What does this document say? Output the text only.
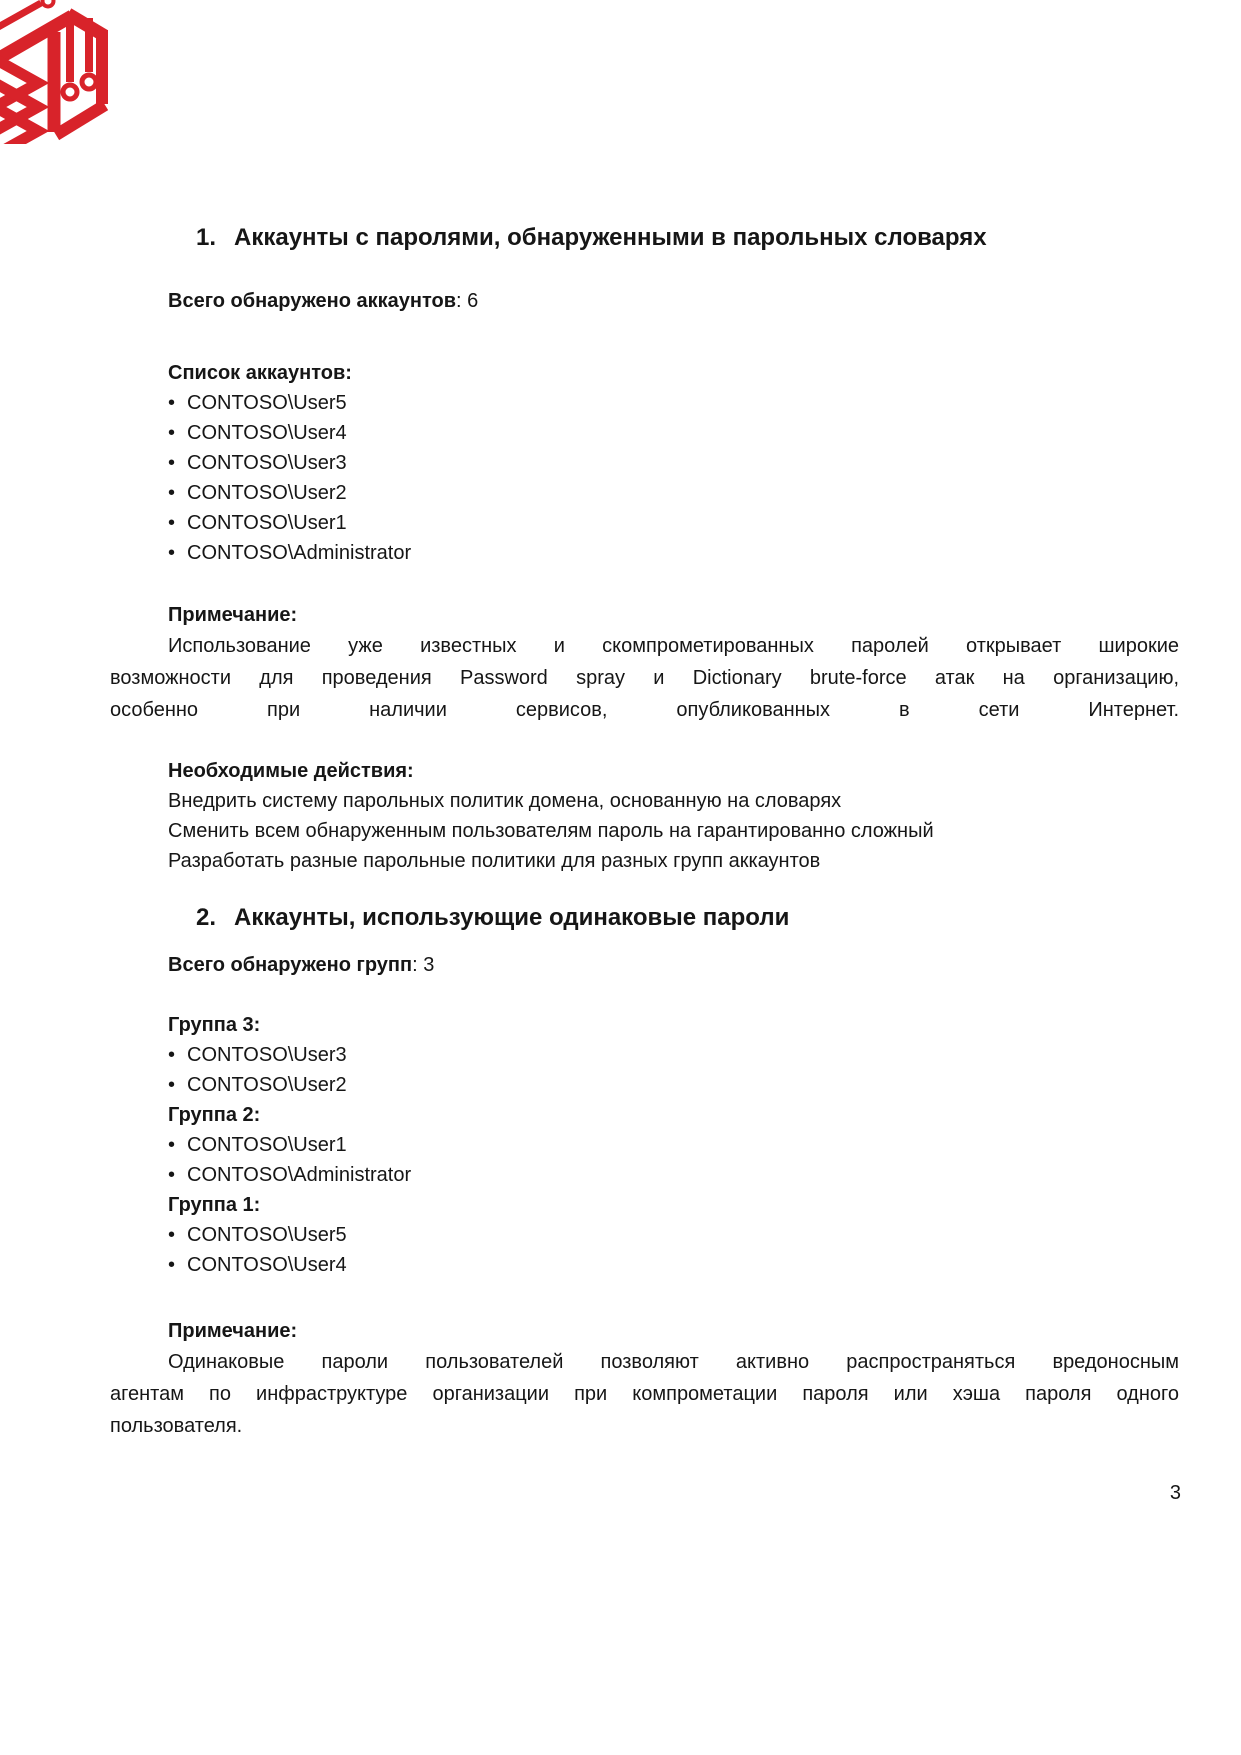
1. Аккаунты с паролями, обнаруженными в парольных словарях
Всего обнаружено аккаунтов: 6
Список аккаунтов:
•CONTOSO\User5
•CONTOSO\User4
•CONTOSO\User3
•CONTOSO\User2
•CONTOSO\User1
•CONTOSO\Administrator
Примечание:
Использование уже известных и скомпрометированных паролей открывает широкие
возможности для проведения Password spray и Dictionary brute-force атак на организацию,
особенно при наличии сервисов, опубликованных в сети Интернет.
Необходимые действия:
Внедрить систему парольных политик домена, основанную на словарях
Сменить всем обнаруженным пользователям пароль на гарантированно сложный
Разработать разные парольные политики для разных групп аккаунтов
2. Аккаунты, использующие одинаковые пароли
Всего обнаружено групп: 3
Группа 3:
•CONTOSO\User3
•CONTOSO\User2
Группа 2:
•CONTOSO\User1
•CONTOSO\Administrator
Группа 1:
•CONTOSO\User5
•CONTOSO\User4
Примечание:
Одинаковые пароли пользователей позволяют активно распространяться вредоносным
агентам по инфраструктуре организации при компрометации пароля или хэша пароля одного
пользователя.
3
